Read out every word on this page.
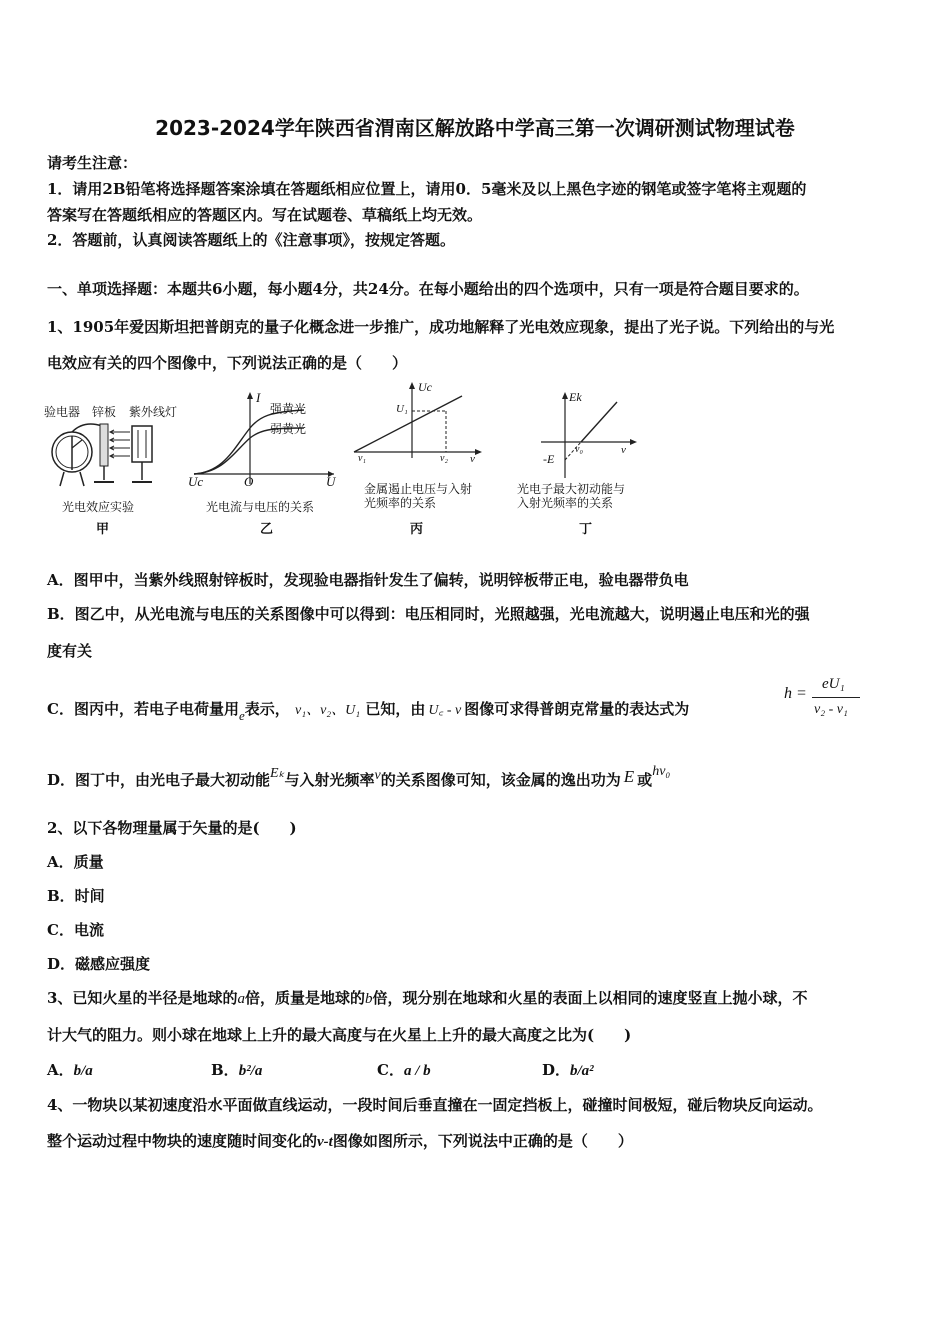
2023-2024学年陕西省渭南区解放路中学高三第一次调研测试物理试卷
请考生注意：
1．请用2B铅笔将选择题答案涂填在答题纸相应位置上，请用0．5毫米及以上黑色字迹的钢笔或签字笔将主观题的
答案写在答题纸相应的答题区内。写在试题卷、草稿纸上均无效。
2．答题前，认真阅读答题纸上的《注意事项》，按规定答题。
一、单项选择题：本题共6小题，每小题4分，共24分。在每小题给出的四个选项中，只有一项是符合题目要求的。
1、1905年爱因斯坦把普朗克的量子化概念进一步推广，成功地解释了光电效应现象，提出了光子说。下列给出的与光
电效应有关的四个图像中，下列说法正确的是（　　）
验电器 锌板 紫外线灯
光电效应实验
甲
I
强黄光
弱黄光
Uc	O	U
光电流与电压的关系
乙
Uc
U₁
ν₁	ν₂ ν
金属遏止电压与入射
光频率的关系
丙
Ek
-E
ν₀	ν
光电子最大初动能与
入射光频率的关系
丁
A．图甲中，当紫外线照射锌板时，发现验电器指针发生了偏转，说明锌板带正电，验电器带负电
B．图乙中，从光电流与电压的关系图像中可以得到：电压相同时，光照越强，光电流越大，说明遏止电压和光的强
度有关
C．图丙中，若电子电荷量用e表示， ν₁、ν₂、U₁ 已知，由 U꜀ - ν 图像可求得普朗克常量的表达式为
h =
eU₁
ν₂ - ν₁
D．图丁中，由光电子最大初动能Eₖ与入射光频率ν的关系图像可知，该金属的逸出功为 E 或hν₀
2、以下各物理量属于矢量的是(　　)
A．质量
B．时间
C．电流
D．磁感应强度
3、已知火星的半径是地球的a倍，质量是地球的b倍，现分别在地球和火星的表面上以相同的速度竖直上抛小球，不
计大气的阻力。则小球在地球上上升的最大高度与在火星上上升的最大高度之比为(　　)
A．b/a	B．b²/a	C．a / b	D．b/a²
4、一物块以某初速度沿水平面做直线运动，一段时间后垂直撞在一固定挡板上，碰撞时间极短，碰后物块反向运动。
整个运动过程中物块的速度随时间变化的v-t图像如图所示，下列说法中正确的是（　　）
